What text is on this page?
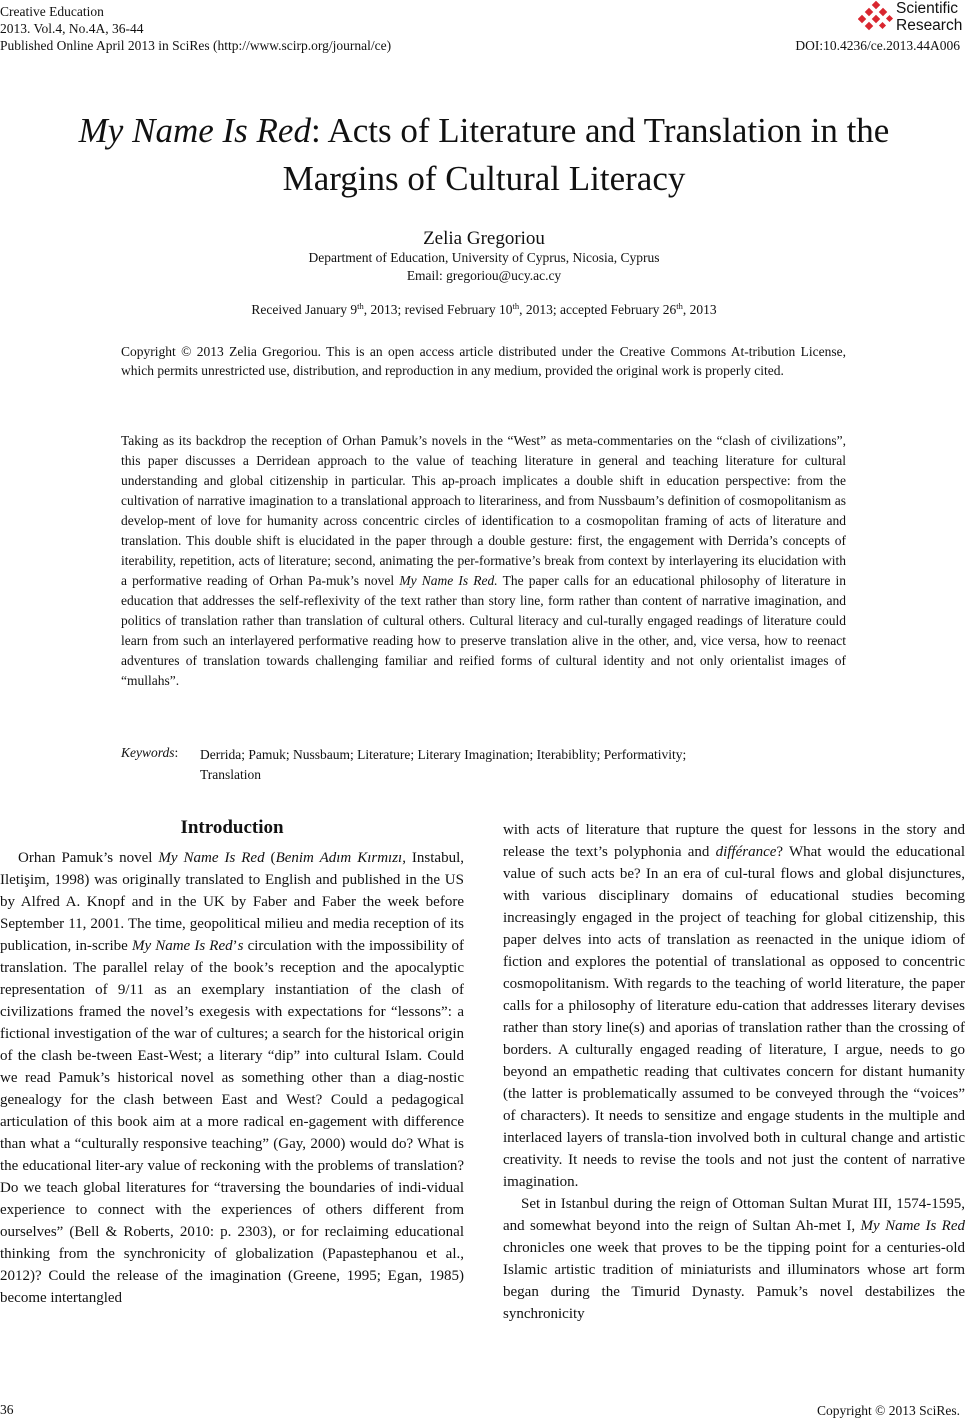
Creative Education
2013. Vol.4, No.4A, 36-44
Published Online April 2013 in SciRes (http://www.scirp.org/journal/ce)
Scientific
Research
DOI:10.4236/ce.2013.44A006
My Name Is Red: Acts of Literature and Translation in the
Margins of Cultural Literacy
Zelia Gregoriou
Department of Education, University of Cyprus, Nicosia, Cyprus
Email: gregoriou@ucy.ac.cy
Received January 9th, 2013; revised February 10th, 2013; accepted February 26th, 2013
Copyright © 2013 Zelia Gregoriou. This is an open access article distributed under the Creative Commons At-tribution License, which permits unrestricted use, distribution, and reproduction in any medium, provided the original work is properly cited.
Taking as its backdrop the reception of Orhan Pamuk’s novels in the “West” as meta-commentaries on the “clash of civilizations”, this paper discusses a Derridean approach to the value of teaching literature in general and teaching literature for cultural understanding and global citizenship in particular. This ap-proach implicates a double shift in education perspective: from the cultivation of narrative imagination to a translational approach to literariness, and from Nussbaum’s definition of cosmopolitanism as develop-ment of love for humanity across concentric circles of identification to a cosmopolitan framing of acts of literature and translation. This double shift is elucidated in the paper through a double gesture: first, the engagement with Derrida’s concepts of iterability, repetition, acts of literature; second, animating the per-formative’s break from context by interlayering its elucidation with a performative reading of Orhan Pa-muk’s novel My Name Is Red. The paper calls for an educational philosophy of literature in education that addresses the self-reflexivity of the text rather than story line, form rather than content of narrative imagination, and politics of translation rather than translation of cultural others. Cultural literacy and cul-turally engaged readings of literature could learn from such an interlayered performative reading how to preserve translation alive in the other, and, vice versa, how to reenact adventures of translation towards challenging familiar and reified forms of cultural identity and not only orientalist images of “mullahs”.
Keywords: Derrida; Pamuk; Nussbaum; Literature; Literary Imagination; Iterabiblity; Performativity;
Translation
Introduction

Orhan Pamuk’s novel My Name Is Red (Benim Adım Kırmızı, Instabul, Iletişim, 1998) was originally translated to English and published in the US by Alfred A. Knopf and in the UK by Faber and Faber the week before September 11, 2001. The time, geopolitical milieu and media reception of its publication, in-scribe My Name Is Red’s circulation with the impossibility of translation. The parallel relay of the book’s reception and the apocalyptic representation of 9/11 as an exemplary instantiation of the clash of civilizations framed the novel’s exegesis with expectations for “lessons”: a fictional investigation of the war of cultures; a search for the historical origin of the clash be-tween East-West; a literary “dip” into cultural Islam. Could we read Pamuk’s historical novel as something other than a diag-nostic genealogy for the clash between East and West? Could a pedagogical articulation of this book aim at a more radical en-gagement with difference than what a “culturally responsive teaching” (Gay, 2000) would do? What is the educational liter-ary value of reckoning with the problems of translation? Do we teach global literatures for “traversing the boundaries of indi-vidual experience to connect with the experiences of others different from ourselves” (Bell & Roberts, 2010: p. 2303), or for reclaiming educational thinking from the synchronicity of globalization (Papastephanou et al., 2012)? Could the release of the imagination (Greene, 1995; Egan, 1985) become intertangled

with acts of literature that rupture the quest for lessons in the story and release the text’s polyphonia and différance? What would the educational value of such acts be? In an era of cul-tural flows and global disjunctures, with various disciplinary domains of educational studies becoming increasingly engaged in the project of teaching for global citizenship, this paper delves into acts of translation as reenacted in the unique idiom of fiction and explores the potential of translational as opposed to concentric cosmopolitanism. With regards to the teaching of world literature, the paper calls for a philosophy of literature edu-cation that addresses literary devises rather than story line(s) and aporias of translation rather than the crossing of borders. A culturally engaged reading of literature, I argue, needs to go beyond an empathetic reading that cultivates concern for distant humanity (the latter is problematically assumed to be conveyed through the “voices” of characters). It needs to sensitize and engage students in the multiple and interlaced layers of transla-tion involved both in cultural change and artistic creativity. It needs to revise the tools and not just the content of narrative imagination.

Set in Istanbul during the reign of Ottoman Sultan Murat III, 1574-1595, and somewhat beyond into the reign of Sultan Ah-met I, My Name Is Red chronicles one week that proves to be the tipping point for a centuries-old Islamic artistic tradition of miniaturists and illuminators whose art form began during the Timurid Dynasty. Pamuk’s novel destabilizes the synchronicity

36	Copyright © 2013 SciRes.
